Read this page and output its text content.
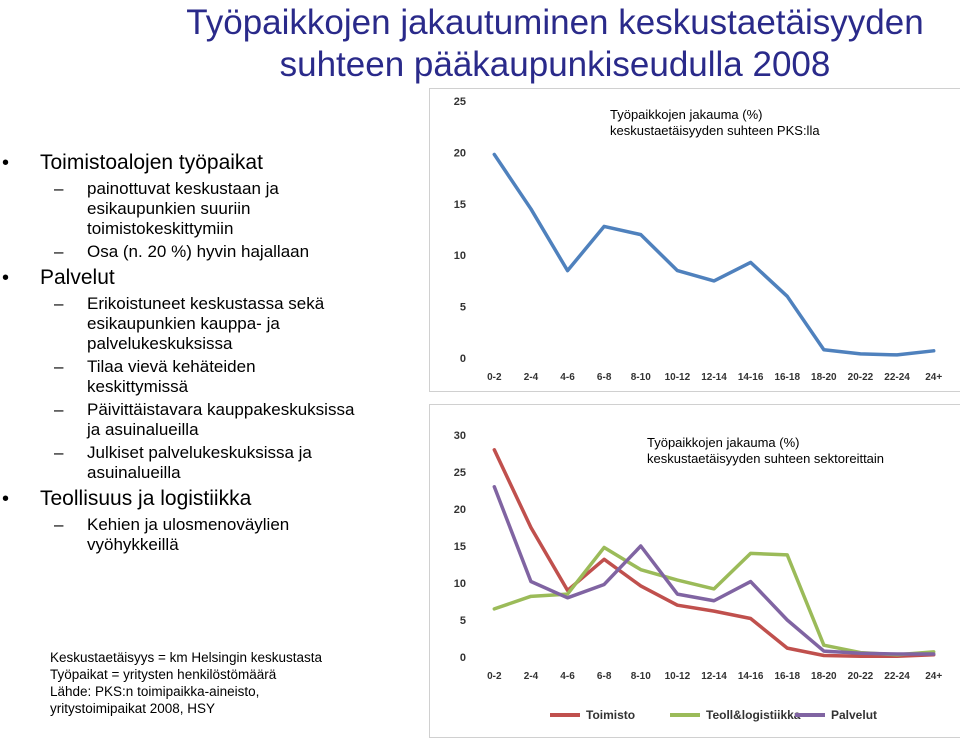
Työpaikkojen jakautuminen keskustaetäisyyden
suhteen pääkaupunkiseudulla 2008
• Toimistoalojen työpaikat
– painottuvat keskustaan ja esikaupunkien suuriin toimistokeskittymiin
– Osa (n. 20 %) hyvin hajallaan
• Palvelut
– Erikoistuneet keskustassa sekä esikaupunkien kauppa- ja palvelukeskuksissa
– Tilaa vievä kehäteiden keskittymissä
– Päivittäistavara kauppakeskuksissa ja asuinalueilla
– Julkiset palvelukeskuksissa ja asuinalueilla
• Teollisuus ja logistiikka
– Kehien ja ulosmenoväylien vyöhykkeillä
Keskustaetäisyys = km Helsingin keskustasta
Työpaikat = yritysten henkilöstömäärä
Lähde: PKS:n toimipaikka-aineisto,
yritystoimipaikat 2008, HSY
0
5
10
15
20
25
0-2 2-4 4-6 6-8 8-10 10-12 12-14 14-16 16-18 18-20 20-22 22-24 24+
Työpaikkojen jakauma (%)
keskustaetäisyyden suhteen PKS:lla
0
5
10
15
20
25
30
0-2 2-4 4-6 6-8 8-10 10-12 12-14 14-16 16-18 18-20 20-22 22-24 24+
Toimisto	Teoll&logistiikka	Palvelut
Työpaikkojen jakauma (%)
keskustaetäisyyden suhteen sektoreittain
